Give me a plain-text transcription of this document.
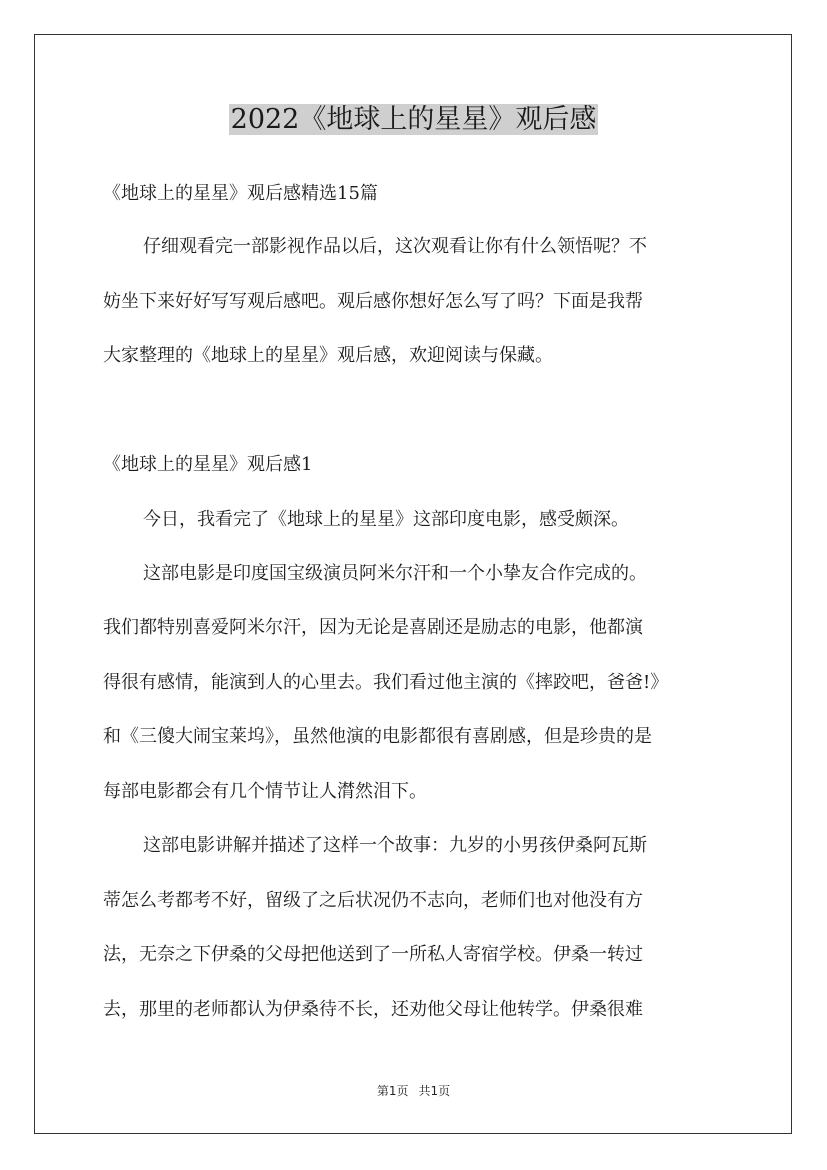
2022《地球上的星星》观后感
《地球上的星星》观后感精选15篇
仔细观看完一部影视作品以后，这次观看让你有什么领悟呢？不
妨坐下来好好写写观后感吧。观后感你想好怎么写了吗？下面是我帮
大家整理的《地球上的星星》观后感，欢迎阅读与保藏。
《地球上的星星》观后感1
今日，我看完了《地球上的星星》这部印度电影，感受颇深。
这部电影是印度国宝级演员阿米尔汗和一个小挚友合作完成的。
我们都特别喜爱阿米尔汗，因为无论是喜剧还是励志的电影，他都演
得很有感情，能演到人的心里去。我们看过他主演的《摔跤吧，爸爸!》
和《三傻大闹宝莱坞》，虽然他演的电影都很有喜剧感，但是珍贵的是
每部电影都会有几个情节让人潸然泪下。
这部电影讲解并描述了这样一个故事：九岁的小男孩伊桑阿瓦斯
蒂怎么考都考不好，留级了之后状况仍不志向，老师们也对他没有方
法，无奈之下伊桑的父母把他送到了一所私人寄宿学校。伊桑一转过
去，那里的老师都认为伊桑待不长，还劝他父母让他转学。伊桑很难
第1页 共1页
